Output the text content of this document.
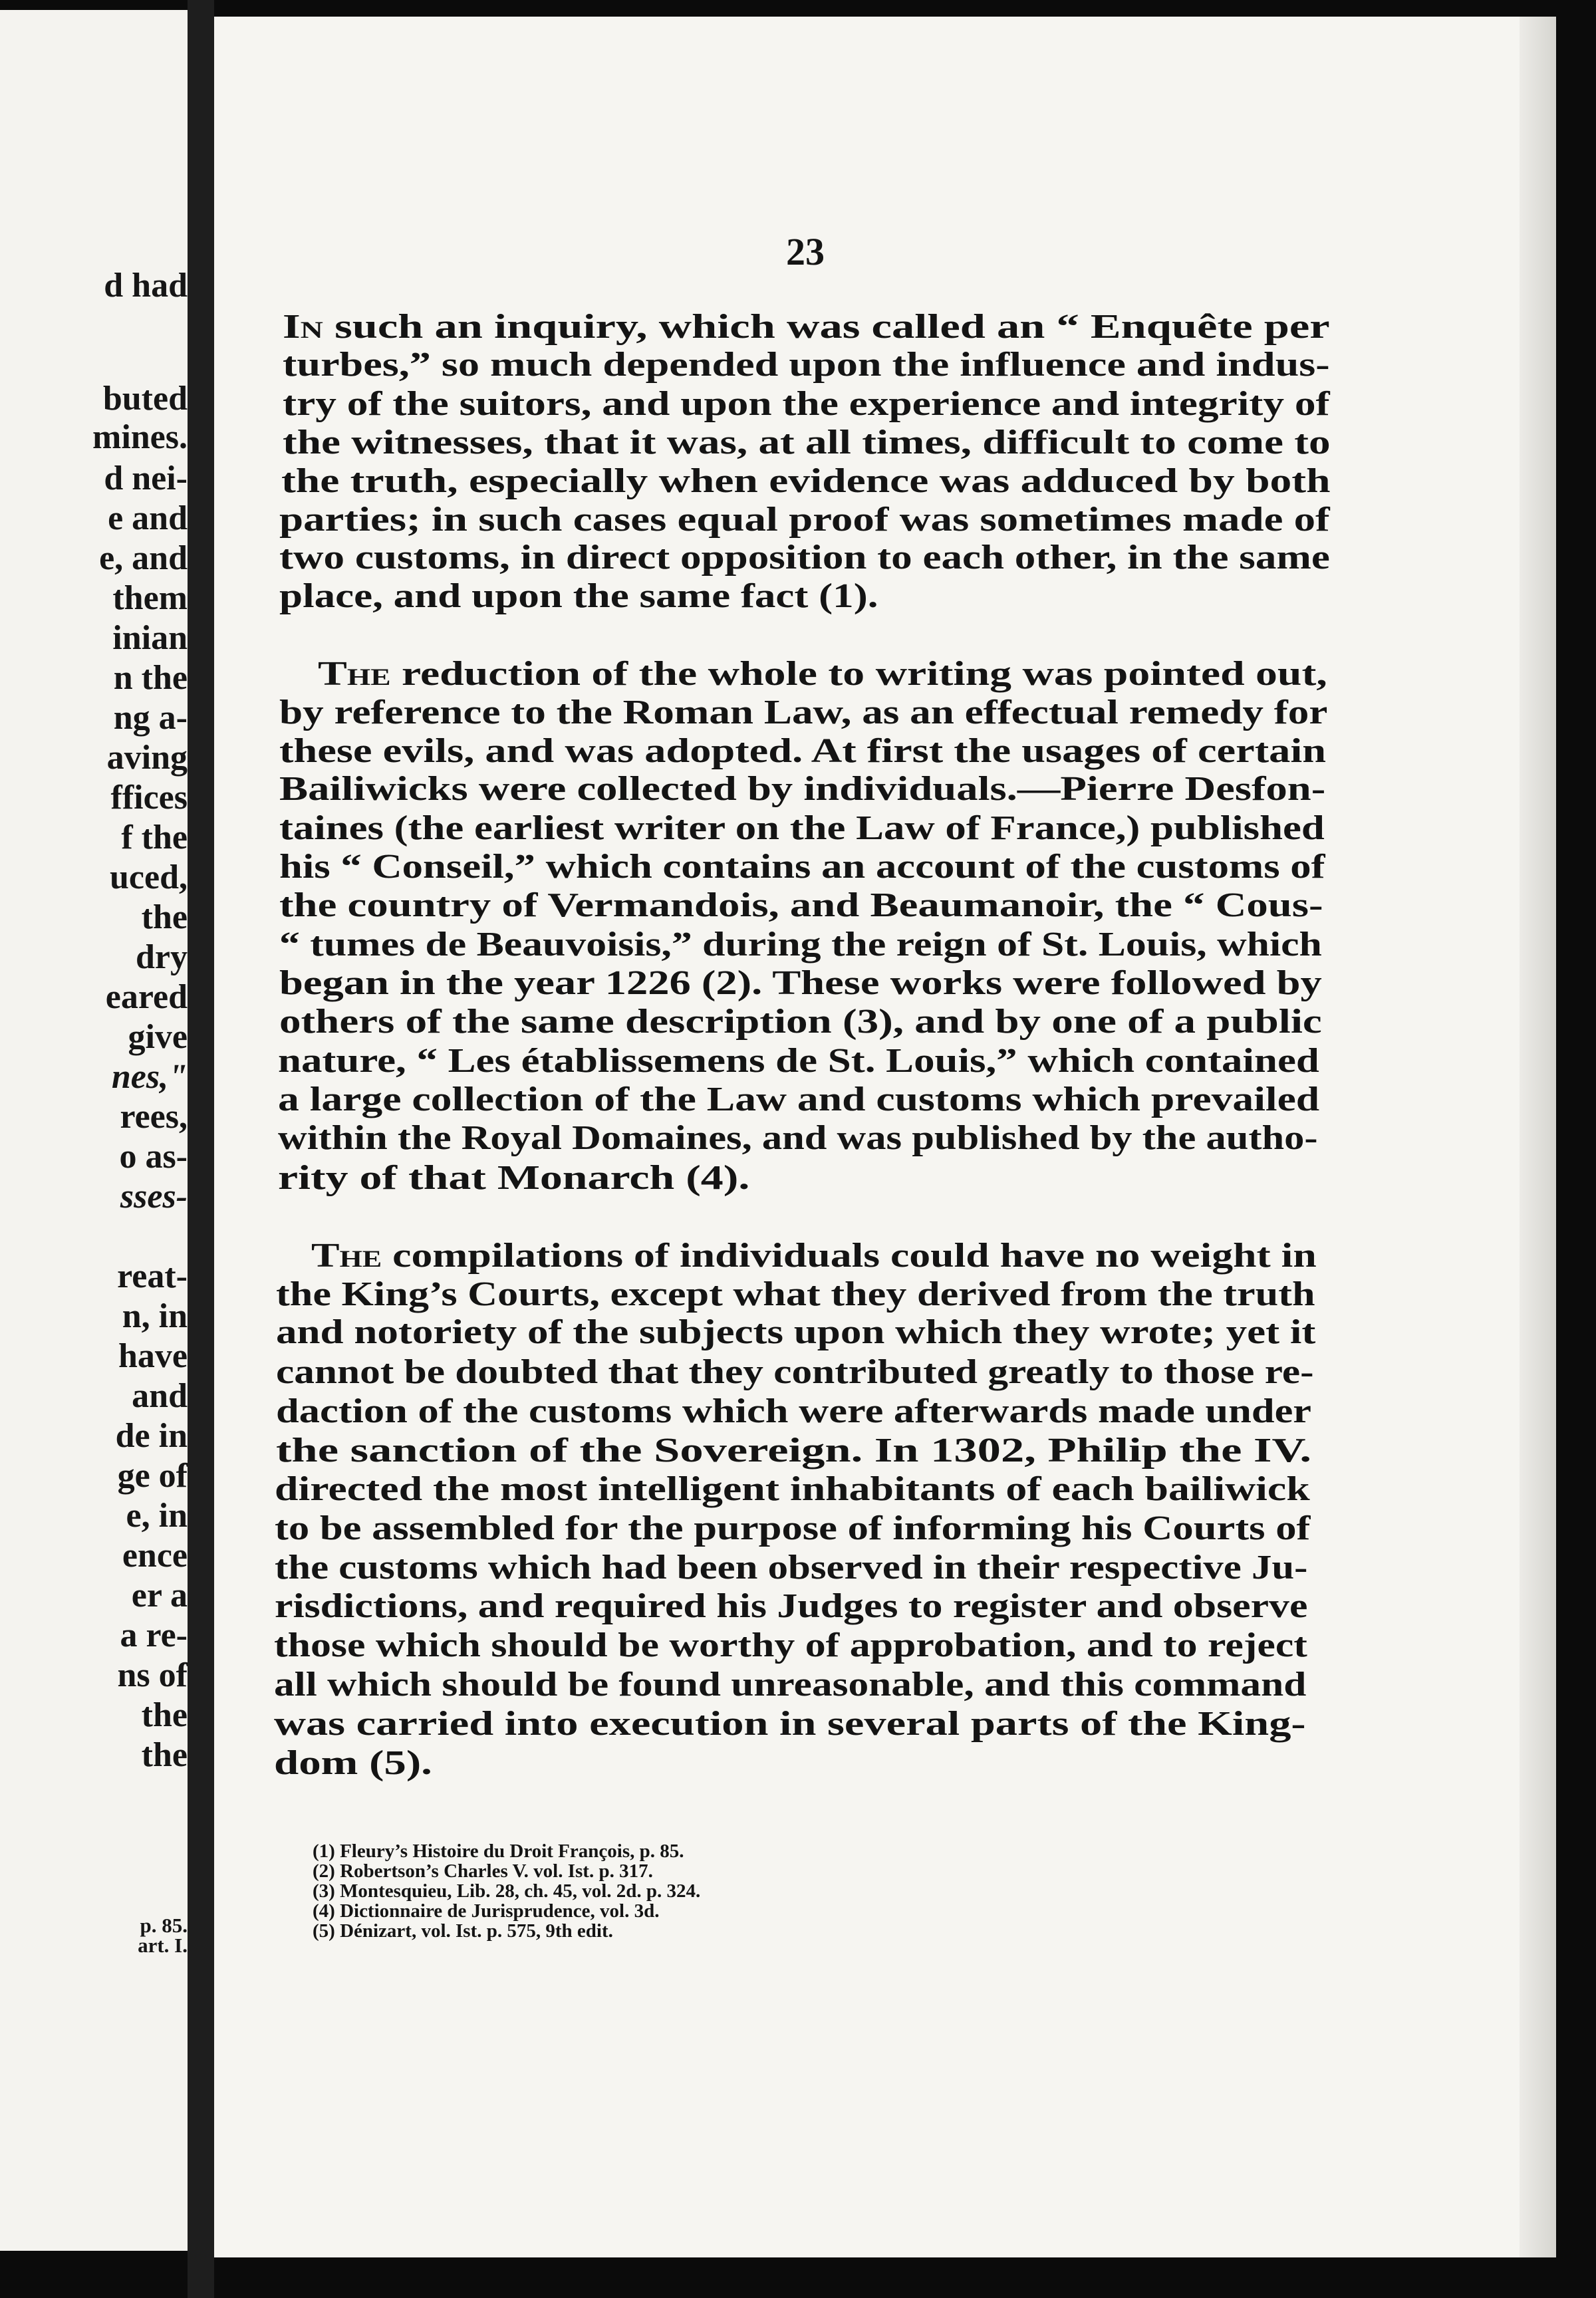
d had
buted
mines.
d nei-
e and
e, and
them
inian
n the
ng a-
aving
ffices
f the
uced,
the
dry
eared
give
nes,"
rees,
o as-
sses-
reat-
n, in
have
and
de in
ge of
e, in
ence
er a
a re-
ns of
the
the
p. 85.
art. I.

23

In such an inquiry, which was called an “ Enquête per
turbes,” so much depended upon the influence and indus-
try of the suitors, and upon the experience and integrity of
the witnesses, that it was, at all times, difficult to come to
the truth, especially when evidence was adduced by both
parties; in such cases equal proof was sometimes made of
two customs, in direct opposition to each other, in the same
place, and upon the same fact (1).
The reduction of the whole to writing was pointed out,
by reference to the Roman Law, as an effectual remedy for
these evils, and was adopted. At first the usages of certain
Bailiwicks were collected by individuals.—Pierre Desfon-
taines (the earliest writer on the Law of France,) published
his “ Conseil,” which contains an account of the customs of
the country of Vermandois, and Beaumanoir, the “ Cous-
“ tumes de Beauvoisis,” during the reign of St. Louis, which
began in the year 1226 (2). These works were followed by
others of the same description (3), and by one of a public
nature, “ Les établissemens de St. Louis,” which contained
a large collection of the Law and customs which prevailed
within the Royal Domaines, and was published by the autho-
rity of that Monarch (4).
The compilations of individuals could have no weight in
the King’s Courts, except what they derived from the truth
and notoriety of the subjects upon which they wrote; yet it
cannot be doubted that they contributed greatly to those re-
daction of the customs which were afterwards made under
the sanction of the Sovereign. In 1302, Philip the IV.
directed the most intelligent inhabitants of each bailiwick
to be assembled for the purpose of informing his Courts of
the customs which had been observed in their respective Ju-
risdictions, and required his Judges to register and observe
those which should be worthy of approbation, and to reject
all which should be found unreasonable, and this command
was carried into execution in several parts of the King-
dom (5).
(1) Fleury’s Histoire du Droit François, p. 85.
(2) Robertson’s Charles V. vol. Ist. p. 317.
(3) Montesquieu, Lib. 28, ch. 45, vol. 2d. p. 324.
(4) Dictionnaire de Jurisprudence, vol. 3d.
(5) Dénizart, vol. Ist. p. 575, 9th edit.
